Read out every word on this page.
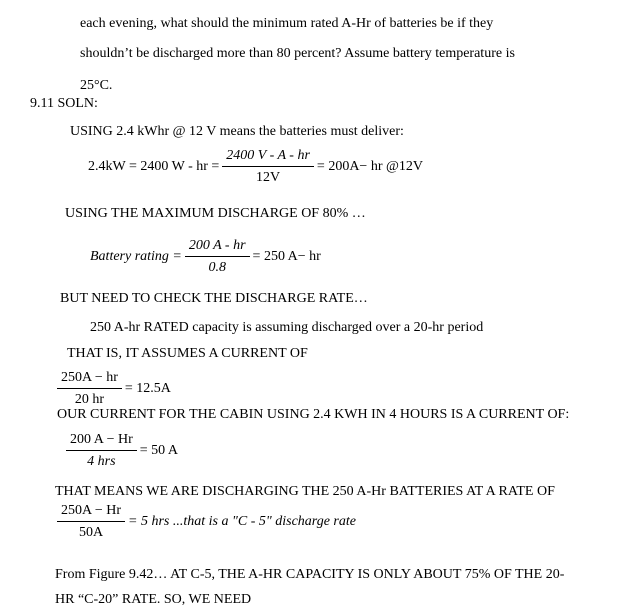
each evening, what should the minimum rated A-Hr of batteries be if they
shouldn’t be discharged more than 80 percent? Assume battery temperature is
25°C.
9.11 SOLN:
USING 2.4 kWhr @ 12 V means the batteries must deliver:
2.4kW = 2400 W - hr = $\frac{2400 V - A - hr}{12V} = 200A-$ hr @12V
USING THE MAXIMUM DISCHARGE OF 80% …
Battery rating = $\frac{200 A - hr}{0.8} = 250$ A− hr
BUT NEED TO CHECK THE DISCHARGE RATE…
250 A-hr RATED capacity is assuming discharged over a 20-hr period
THAT IS, IT ASSUMES A CURRENT OF
$\frac{250A - hr}{20 hr} = 12.5A$
OUR CURRENT FOR THE CABIN USING 2.4 KWH IN 4 HOURS IS A CURRENT OF:
$\frac{200 A - Hr}{\text{4 hrs}} = 50$ A
THAT MEANS WE ARE DISCHARGING THE 250 A-Hr BATTERIES AT A RATE OF
$\frac{250A - Hr}{50A} = 5$ hrs ...that is a "C - 5" discharge rate
From Figure 9.42… AT C-5, THE A-HR CAPACITY IS ONLY ABOUT 75% OF THE 20-
HR “C-20” RATE. SO, WE NEED
